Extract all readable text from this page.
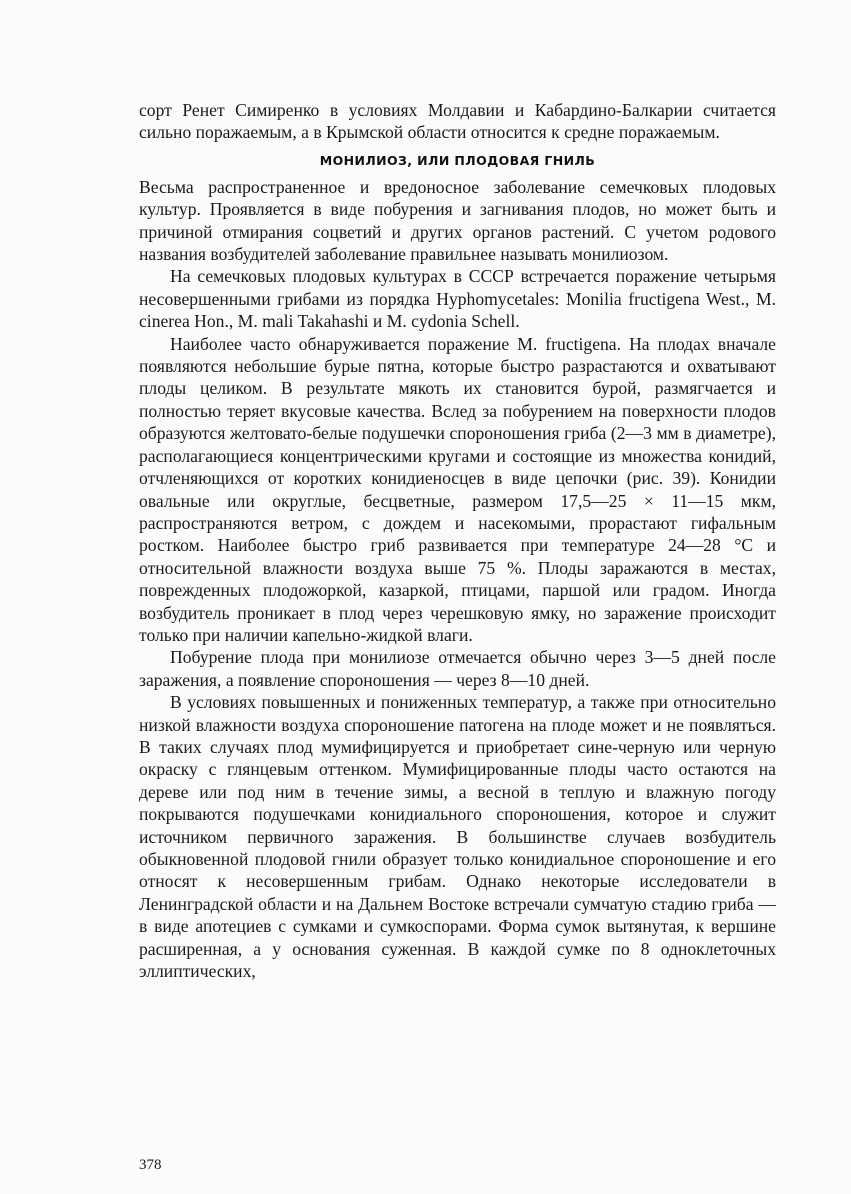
сорт Ренет Симиренко в условиях Молдавии и Кабардино-Балкарии считается сильно поражаемым, а в Крымской области относится к средне поражаемым.

МОНИЛИОЗ, ИЛИ ПЛОДОВАЯ ГНИЛЬ

Весьма распространенное и вредоносное заболевание семечковых плодовых культур. Проявляется в виде побурения и загнивания плодов, но может быть и причиной отмирания соцветий и других органов растений. С учетом родового названия возбудителей заболевание правильнее называть монилиозом.

На семечковых плодовых культурах в СССР встречается поражение четырьмя несовершенными грибами из порядка Hyphomycetales: Monilia fructigena West., M. cinerea Hon., M. mali Takahashi и M. cydonia Schell.

Наиболее часто обнаруживается поражение M. fructigena. На плодах вначале появляются небольшие бурые пятна, которые быстро разрастаются и охватывают плоды целиком. В результате мякоть их становится бурой, размягчается и полностью теряет вкусовые качества. Вслед за побурением на поверхности плодов образуются желтовато-белые подушечки спороношения гриба (2—3 мм в диаметре), располагающиеся концентрическими кругами и состоящие из множества конидий, отчленяющихся от коротких конидиеносцев в виде цепочки (рис. 39). Конидии овальные или округлые, бесцветные, размером 17,5—25 × 11—15 мкм, распространяются ветром, с дождем и насекомыми, прорастают гифальным ростком. Наиболее быстро гриб развивается при температуре 24—28 °С и относительной влажности воздуха выше 75 %. Плоды заражаются в местах, поврежденных плодожоркой, казаркой, птицами, паршой или градом. Иногда возбудитель проникает в плод через черешковую ямку, но заражение происходит только при наличии капельно-жидкой влаги.

Побурение плода при монилиозе отмечается обычно через 3—5 дней после заражения, а появление спороношения — через 8—10 дней.

В условиях повышенных и пониженных температур, а также при относительно низкой влажности воздуха спороношение патогена на плоде может и не появляться. В таких случаях плод мумифицируется и приобретает сине-черную или черную окраску с глянцевым оттенком. Мумифицированные плоды часто остаются на дереве или под ним в течение зимы, а весной в теплую и влажную погоду покрываются подушечками конидиального спороношения, которое и служит источником первичного заражения. В большинстве случаев возбудитель обыкновенной плодовой гнили образует только конидиальное спороношение и его относят к несовершенным грибам. Однако некоторые исследователи в Ленинградской области и на Дальнем Востоке встречали сумчатую стадию гриба — в виде апотециев с сумками и сумкоспорами. Форма сумок вытянутая, к вершине расширенная, а у основания суженная. В каждой сумке по 8 одноклеточных эллиптических,

378
